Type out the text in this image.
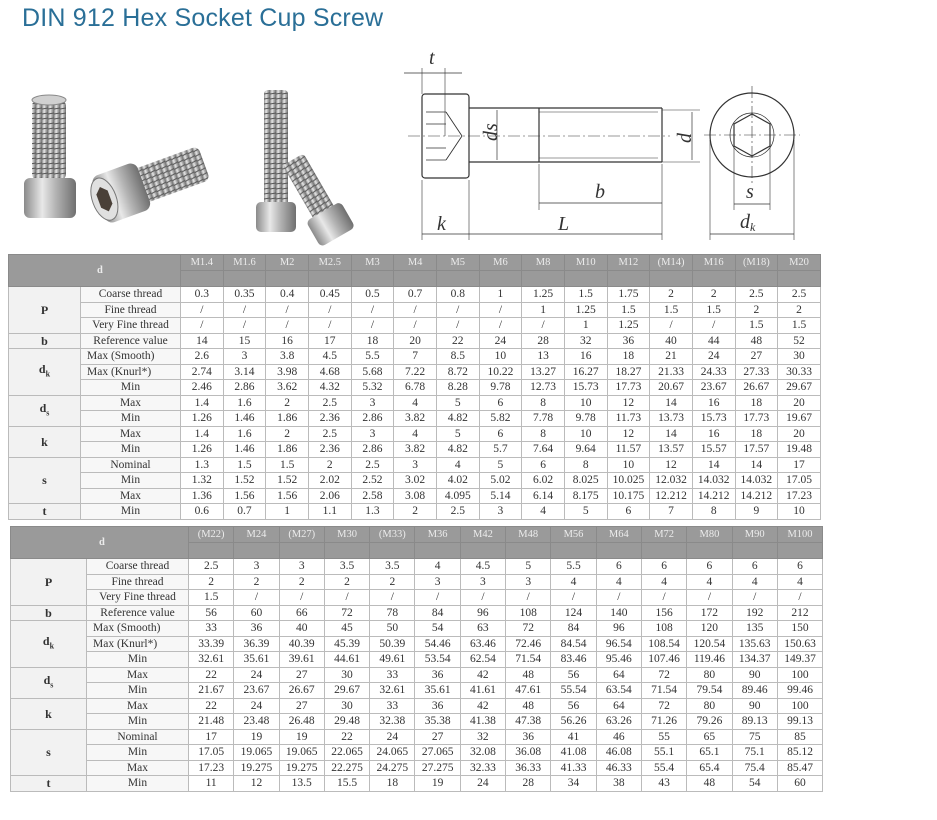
DIN 912 Hex Socket Cup Screw
t
k	L
b
ds	d
s
dk
d		M1.4	M1.6	M2	M2.5	M3	M4	M5	M6	M8	M10	M12	(M14)	M16	(M18)	M20

P	Coarse thread	0.3	0.35	0.4	0.45	0.5	0.7	0.8	1	1.25	1.5	1.75	2	2	2.5	2.5
	Fine thread	/	/	/	/	/	/	/	/	1	1.25	1.5	1.5	1.5	2	2
	Very Fine thread	/	/	/	/	/	/	/	/	/	1	1.25	/	/	1.5	1.5
b	Reference value	14	15	16	17	18	20	22	24	28	32	36	40	44	48	52
$d_k$	Max (Smooth)	2.6	3	3.8	4.5	5.5	7	8.5	10	13	16	18	21	24	27	30
	Max (Knurl*)	2.74	3.14	3.98	4.68	5.68	7.22	8.72	10.22	13.27	16.27	18.27	21.33	24.33	27.33	30.33
	Min	2.46	2.86	3.62	4.32	5.32	6.78	8.28	9.78	12.73	15.73	17.73	20.67	23.67	26.67	29.67
$d_s$	Max	1.4	1.6	2	2.5	3	4	5	6	8	10	12	14	16	18	20
	Min	1.26	1.46	1.86	2.36	2.86	3.82	4.82	5.82	7.78	9.78	11.73	13.73	15.73	17.73	19.67
k	Max	1.4	1.6	2	2.5	3	4	5	6	8	10	12	14	16	18	20
	Min	1.26	1.46	1.86	2.36	2.86	3.82	4.82	5.7	7.64	9.64	11.57	13.57	15.57	17.57	19.48
s	Nominal	1.3	1.5	1.5	2	2.5	3	4	5	6	8	10	12	14	14	17
	Min	1.32	1.52	1.52	2.02	2.52	3.02	4.02	5.02	6.02	8.025	10.025	12.032	14.032	14.032	17.05
	Max	1.36	1.56	1.56	2.06	2.58	3.08	4.095	5.14	6.14	8.175	10.175	12.212	14.212	14.212	17.23
t	Min	0.6	0.7	1	1.1	1.3	2	2.5	3	4	5	6	7	8	9	10
d		(M22)	M24	(M27)	M30	(M33)	M36	M42	M48	M56	M64	M72	M80	M90	M100

P	Coarse thread	2.5	3	3	3.5	3.5	4	4.5	5	5.5	6	6	6	6	6
	Fine thread	2	2	2	2	2	3	3	3	4	4	4	4	4	4
	Very Fine thread	1.5	/	/	/	/	/	/	/	/	/	/	/	/	/
b	Reference value	56	60	66	72	78	84	96	108	124	140	156	172	192	212
$d_k$	Max (Smooth)	33	36	40	45	50	54	63	72	84	96	108	120	135	150
	Max (Knurl*)	33.39	36.39	40.39	45.39	50.39	54.46	63.46	72.46	84.54	96.54	108.54	120.54	135.63	150.63
	Min	32.61	35.61	39.61	44.61	49.61	53.54	62.54	71.54	83.46	95.46	107.46	119.46	134.37	149.37
$d_s$	Max	22	24	27	30	33	36	42	48	56	64	72	80	90	100
	Min	21.67	23.67	26.67	29.67	32.61	35.61	41.61	47.61	55.54	63.54	71.54	79.54	89.46	99.46
k	Max	22	24	27	30	33	36	42	48	56	64	72	80	90	100
	Min	21.48	23.48	26.48	29.48	32.38	35.38	41.38	47.38	56.26	63.26	71.26	79.26	89.13	99.13
s	Nominal	17	19	19	22	24	27	32	36	41	46	55	65	75	85
	Min	17.05	19.065	19.065	22.065	24.065	27.065	32.08	36.08	41.08	46.08	55.1	65.1	75.1	85.12
	Max	17.23	19.275	19.275	22.275	24.275	27.275	32.33	36.33	41.33	46.33	55.4	65.4	75.4	85.47
t	Min	11	12	13.5	15.5	18	19	24	28	34	38	43	48	54	60
